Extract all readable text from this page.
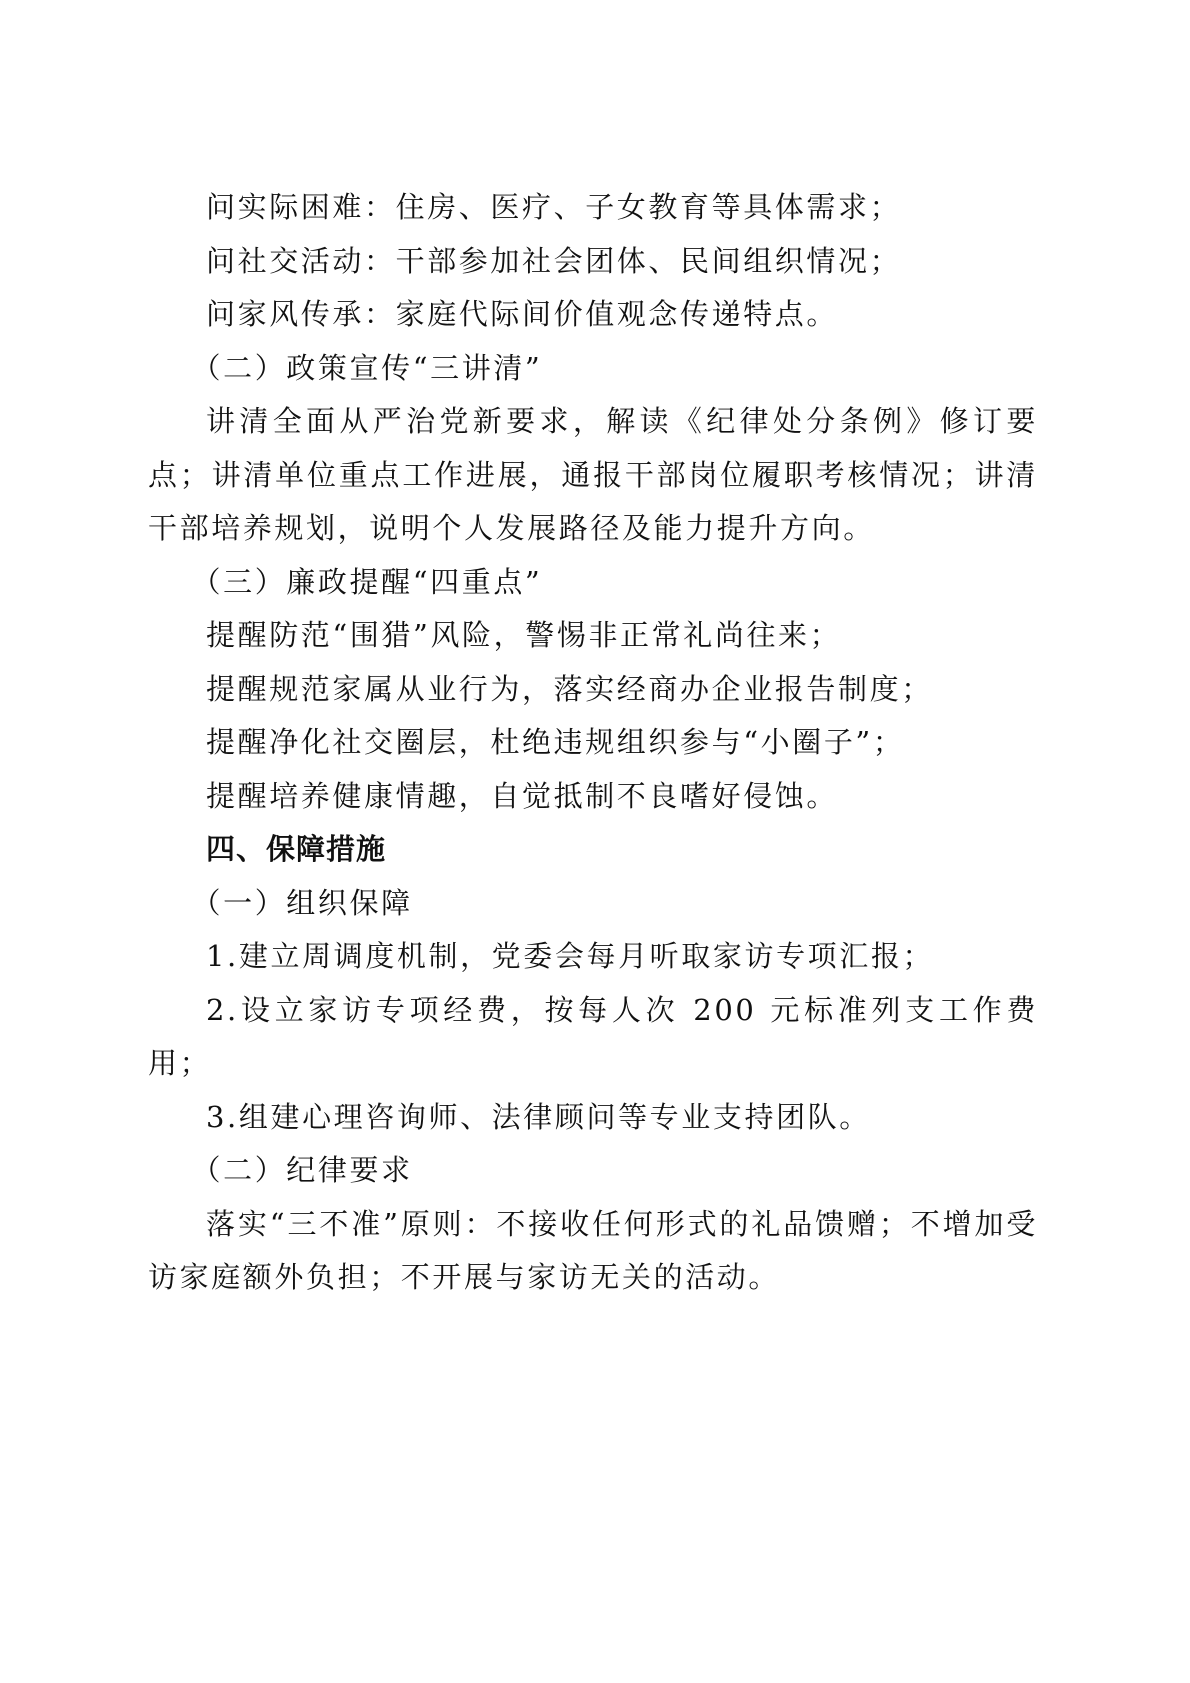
问实际困难：住房、医疗、子女教育等具体需求；

问社交活动：干部参加社会团体、民间组织情况；

问家风传承：家庭代际间价值观念传递特点。

（二）政策宣传“三讲清”

讲清全面从严治党新要求，解读《纪律处分条例》修订要点；讲清单位重点工作进展，通报干部岗位履职考核情况；讲清干部培养规划，说明个人发展路径及能力提升方向。

（三）廉政提醒“四重点”

提醒防范“围猎”风险，警惕非正常礼尚往来；

提醒规范家属从业行为，落实经商办企业报告制度；

提醒净化社交圈层，杜绝违规组织参与“小圈子”；

提醒培养健康情趣，自觉抵制不良嗜好侵蚀。

四、保障措施

（一）组织保障

1.建立周调度机制，党委会每月听取家访专项汇报；

2.设立家访专项经费，按每人次 200 元标准列支工作费用；

3.组建心理咨询师、法律顾问等专业支持团队。

（二）纪律要求

落实“三不准”原则：不接收任何形式的礼品馈赠；不增加受访家庭额外负担；不开展与家访无关的活动。
